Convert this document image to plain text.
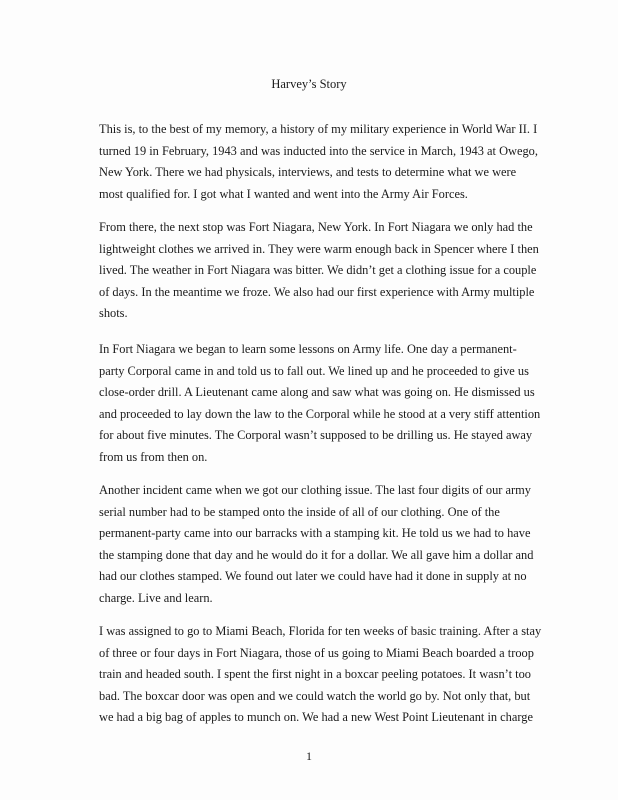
Harvey’s Story
This is, to the best of my memory, a history of my military experience in World War II. I
turned 19 in February, 1943 and was inducted into the service in March, 1943 at Owego,
New York. There we had physicals, interviews, and tests to determine what we were
most qualified for. I got what I wanted and went into the Army Air Forces.
From there, the next stop was Fort Niagara, New York. In Fort Niagara we only had the
lightweight clothes we arrived in. They were warm enough back in Spencer where I then
lived. The weather in Fort Niagara was bitter. We didn’t get a clothing issue for a couple
of days. In the meantime we froze. We also had our first experience with Army multiple
shots.
In Fort Niagara we began to learn some lessons on Army life. One day a permanent-
party Corporal came in and told us to fall out. We lined up and he proceeded to give us
close-order drill. A Lieutenant came along and saw what was going on. He dismissed us
and proceeded to lay down the law to the Corporal while he stood at a very stiff attention
for about five minutes. The Corporal wasn’t supposed to be drilling us. He stayed away
from us from then on.
Another incident came when we got our clothing issue. The last four digits of our army
serial number had to be stamped onto the inside of all of our clothing. One of the
permanent-party came into our barracks with a stamping kit. He told us we had to have
the stamping done that day and he would do it for a dollar. We all gave him a dollar and
had our clothes stamped. We found out later we could have had it done in supply at no
charge. Live and learn.
I was assigned to go to Miami Beach, Florida for ten weeks of basic training. After a stay
of three or four days in Fort Niagara, those of us going to Miami Beach boarded a troop
train and headed south. I spent the first night in a boxcar peeling potatoes. It wasn’t too
bad. The boxcar door was open and we could watch the world go by. Not only that, but
we had a big bag of apples to munch on. We had a new West Point Lieutenant in charge
1
